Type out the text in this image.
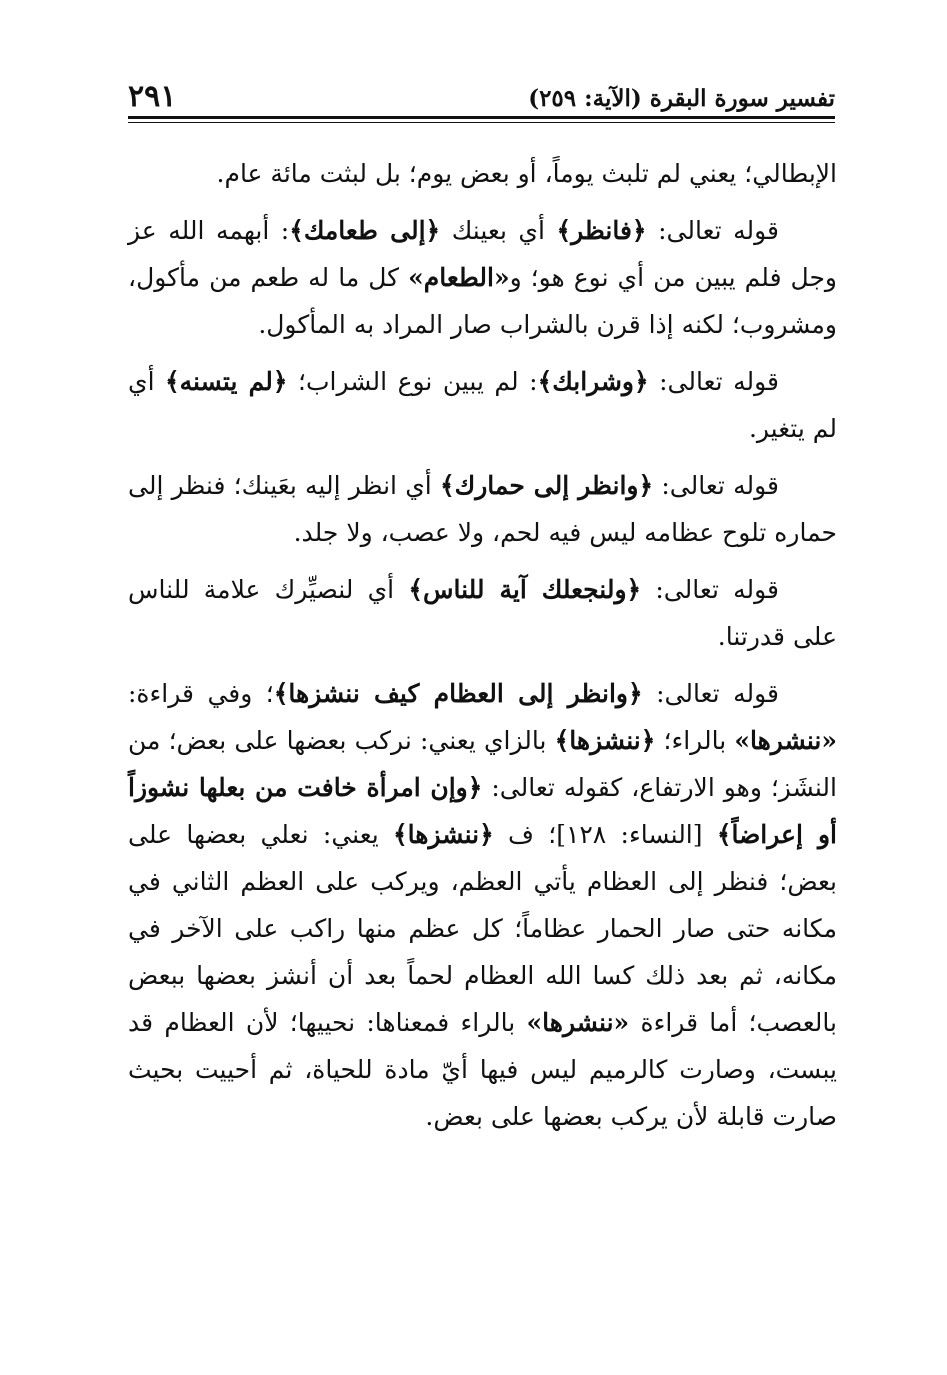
تفسير سورة البقرة (الآية: ٢٥٩)
٢٩١

الإبطالي؛ يعني لم تلبث يوماً، أو بعض يوم؛ بل لبثت مائة عام.

قوله تعالى: ﴿فانظر﴾ أي بعينك ﴿إلى طعامك﴾: أبهمه الله عز وجل فلم يبين من أي نوع هو؛ و«الطعام» كل ما له طعم من مأكول، ومشروب؛ لكنه إذا قرن بالشراب صار المراد به المأكول.

قوله تعالى: ﴿وشرابك﴾: لم يبين نوع الشراب؛ ﴿لم يتسنه﴾ أي لم يتغير.

قوله تعالى: ﴿وانظر إلى حمارك﴾ أي انظر إليه بعَينك؛ فنظر إلى حماره تلوح عظامه ليس فيه لحم، ولا عصب، ولا جلد.

قوله تعالى: ﴿ولنجعلك آية للناس﴾ أي لنصيِّرك علامة للناس على قدرتنا.

قوله تعالى: ﴿وانظر إلى العظام كيف ننشزها﴾؛ وفي قراءة: «ننشرها» بالراء؛ ﴿ننشزها﴾ بالزاي يعني: نركب بعضها على بعض؛ من النشَز؛ وهو الارتفاع، كقوله تعالى: ﴿وإن امرأة خافت من بعلها نشوزاً أو إعراضاً﴾ [النساء: ١٢٨]؛ ف ﴿ننشزها﴾ يعني: نعلي بعضها على بعض؛ فنظر إلى العظام يأتي العظم، ويركب على العظم الثاني في مكانه حتى صار الحمار عظاماً؛ كل عظم منها راكب على الآخر في مكانه، ثم بعد ذلك كسا الله العظام لحماً بعد أن أنشز بعضها ببعض بالعصب؛ أما قراءة «ننشرها» بالراء فمعناها: نحييها؛ لأن العظام قد يبست، وصارت كالرميم ليس فيها أيّ مادة للحياة، ثم أحييت بحيث صارت قابلة لأن يركب بعضها على بعض.
